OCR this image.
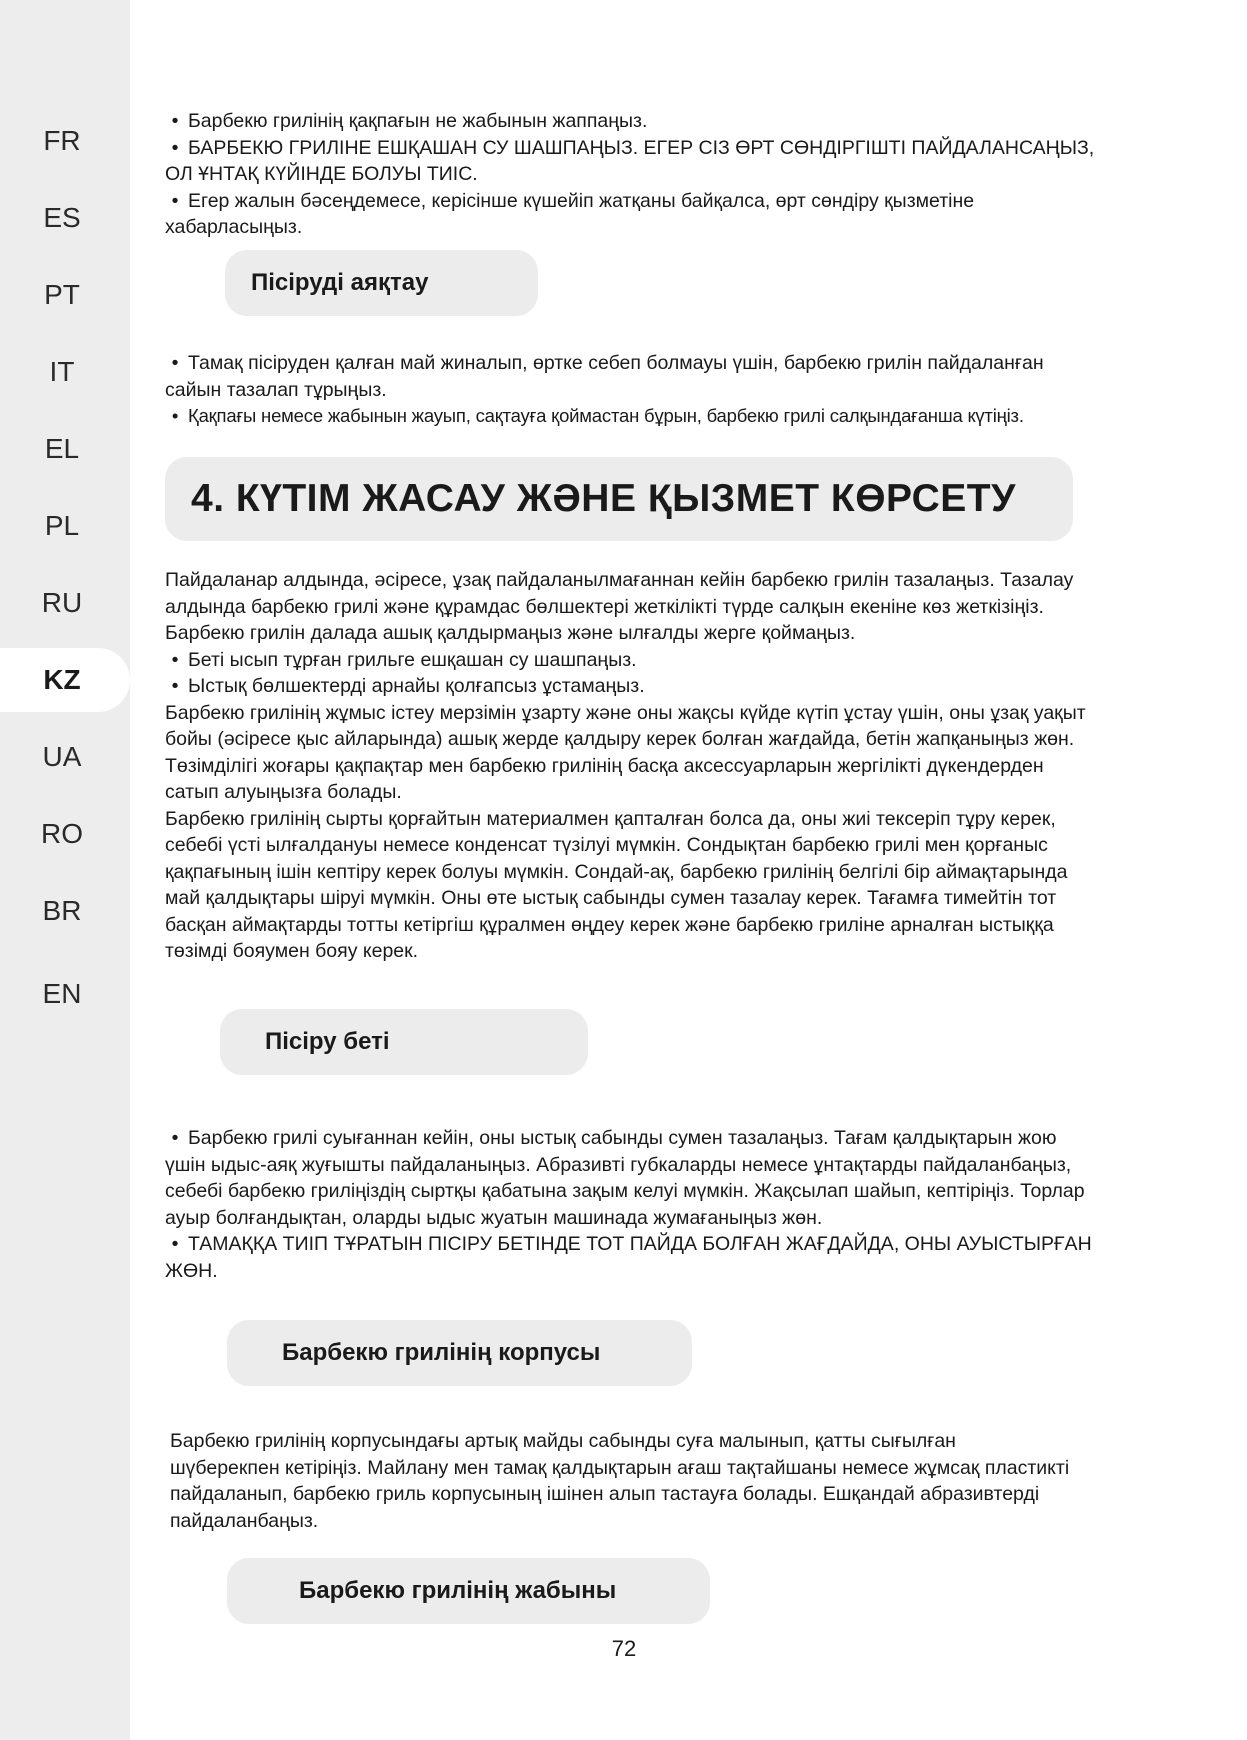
FR
ES
PT
IT
EL
PL
RU
KZ
UA
RO
BR
EN

• Барбекю грилінің қақпағын не жабынын жаппаңыз.

• БАРБЕКЮ ГРИЛІНЕ ЕШҚАШАН СУ ШАШПАҢЫЗ. ЕГЕР СІЗ ӨРТ СӨНДІРГІШТІ ПАЙДАЛАНСАҢЫЗ, ОЛ ҰНТАҚ КҮЙІНДЕ БОЛУЫ ТИІС.

• Егер жалын бәсеңдемесе, керісінше күшейіп жатқаны байқалса, өрт сөндіру қызметіне хабарласыңыз.

Пісіруді аяқтау

• Тамақ пісіруден қалған май жиналып, өртке себеп болмауы үшін, барбекю грилін пайдаланған сайын тазалап тұрыңыз.

• Қақпағы немесе жабынын жауып, сақтауға қоймастан бұрын, барбекю грилі салқындағанша күтіңіз.

4. КҮТІМ ЖАСАУ ЖӘНЕ ҚЫЗМЕТ КӨРСЕТУ

Пайдаланар алдында, әсіресе, ұзақ пайдаланылмағаннан кейін барбекю грилін тазалаңыз. Тазалау алдында барбекю грилі және құрамдас бөлшектері жеткілікті түрде салқын екеніне көз жеткізіңіз. Барбекю грилін далада ашық қалдырмаңыз және ылғалды жерге қоймаңыз.

• Беті ысып тұрған грильге ешқашан су шашпаңыз.

• Ыстық бөлшектерді арнайы қолғапсыз ұстамаңыз.

Барбекю грилінің жұмыс істеу мерзімін ұзарту және оны жақсы күйде күтіп ұстау үшін, оны ұзақ уақыт бойы (әсіресе қыс айларында) ашық жерде қалдыру керек болған жағдайда, бетін жапқаныңыз жөн. Төзімділігі жоғары қақпақтар мен барбекю грилінің басқа аксессуарларын жергілікті дүкендерден сатып алуыңызға болады.

Барбекю грилінің сырты қорғайтын материалмен қапталған болса да, оны жиі тексеріп тұру керек, себебі үсті ылғалдануы немесе конденсат түзілуі мүмкін. Сондықтан барбекю грилі мен қорғаныс қақпағының ішін кептіру керек болуы мүмкін. Сондай-ақ, барбекю грилінің белгілі бір аймақтарында май қалдықтары шіруі мүмкін. Оны өте ыстық сабынды сумен тазалау керек. Тағамға тимейтін тот басқан аймақтарды тотты кетіргіш құралмен өңдеу керек және барбекю гриліне арналған ыстыққа төзімді бояумен бояу керек.

Пісіру беті

• Барбекю грилі суығаннан кейін, оны ыстық сабынды сумен тазалаңыз. Тағам қалдықтарын жою үшін ыдыс-аяқ жуғышты пайдаланыңыз. Абразивті губкаларды немесе ұнтақтарды пайдаланбаңыз, себебі барбекю гриліңіздің сыртқы қабатына зақым келуі мүмкін. Жақсылап шайып, кептіріңіз. Торлар ауыр болғандықтан, оларды ыдыс жуатын машинада жумағаныңыз жөн.

• ТАМАҚҚА ТИІП ТҰРАТЫН ПІСІРУ БЕТІНДЕ ТОТ ПАЙДА БОЛҒАН ЖАҒДАЙДА, ОНЫ АУЫСТЫРҒАН ЖӨН.

Барбекю грилінің корпусы

Барбекю грилінің корпусындағы артық майды сабынды суға малынып, қатты сығылған шүберекпен кетіріңіз. Майлану мен тамақ қалдықтарын ағаш тақтайшаны немесе жұмсақ пластикті пайдаланып, барбекю гриль корпусының ішінен алып тастауға болады. Ешқандай абразивтерді пайдаланбаңыз.

Барбекю грилінің жабыны
72
